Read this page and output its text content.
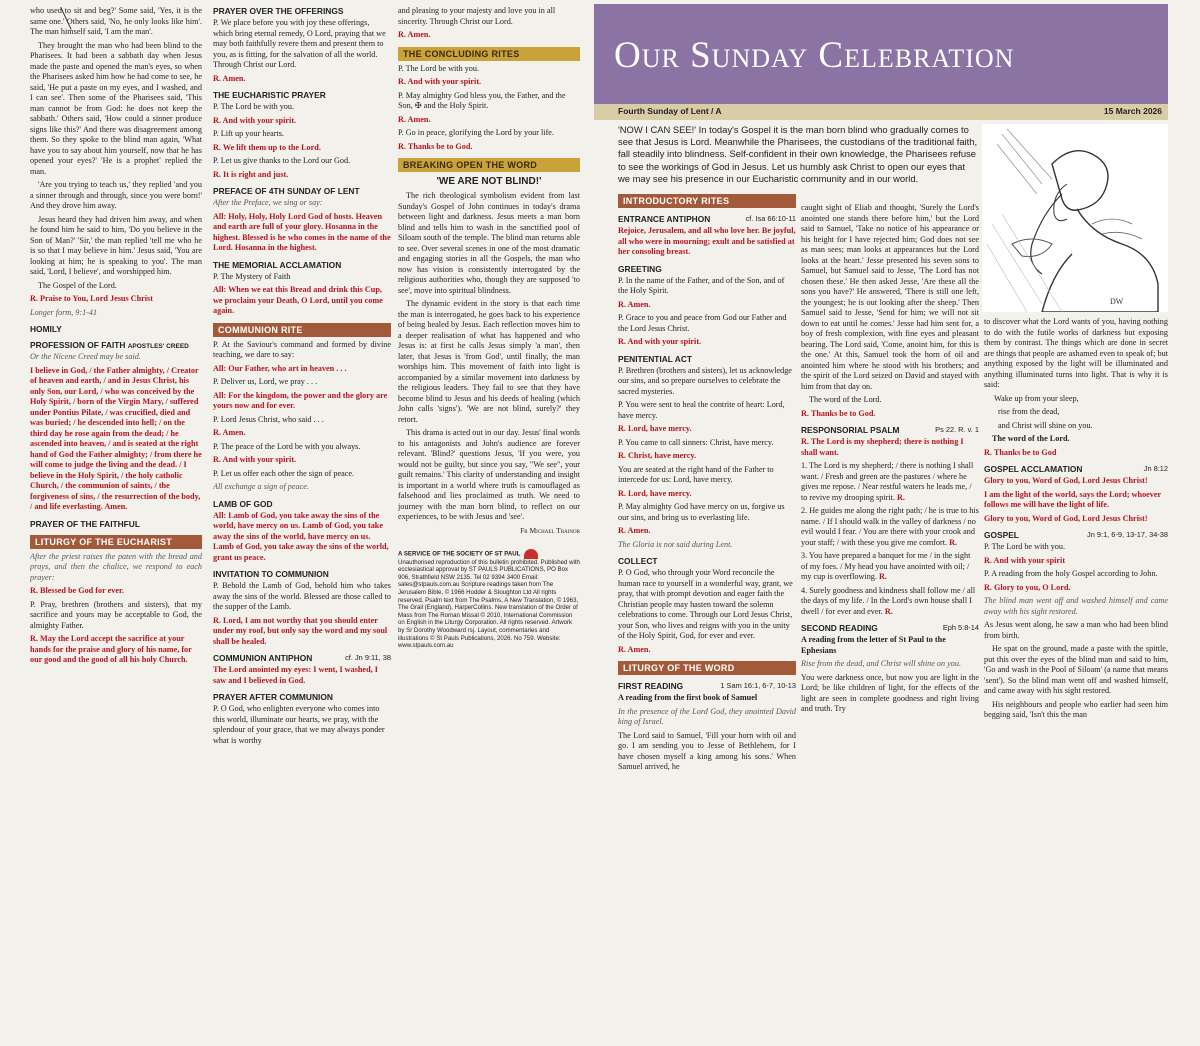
who used to sit and beg?' Some said, 'Yes, it is the same one.' Others said, 'No, he only looks like him'. The man himself said, 'I am the man'.

They brought the man who had been blind to the Pharisees. It had been a sabbath day when Jesus made the paste and opened the man's eyes, so when the Pharisees asked him how he had come to see, he said, 'He put a paste on my eyes, and I washed, and I can see'. Then some of the Pharisees said, 'This man cannot be from God: he does not keep the sabbath.' Others said, 'How could a sinner produce signs like this?' And there was disagreement among them. So they spoke to the blind man again, 'What have you to say about him yourself, now that he has opened your eyes?' 'He is a prophet' replied the man.

'Are you trying to teach us,' they replied 'and you a sinner through and through, since you were born!' And they drove him away.

Jesus heard they had driven him away, and when he found him he said to him, 'Do you believe in the Son of Man?' 'Sir,' the man replied 'tell me who he is so that I may believe in him.' Jesus said, 'You are looking at him; he is speaking to you'. The man said, 'Lord, I believe', and worshipped him.

The Gospel of the Lord.

R. Praise to You, Lord Jesus Christ

Longer form, 9:1-41

HOMILY
PROFESSION OF FAITH APOSTLES' CREED

Or the Nicene Creed may be said.

I believe in God, / the Father almighty, / Creator of heaven and earth, / and in Jesus Christ, his only Son, our Lord, / who was conceived by the Holy Spirit, / born of the Virgin Mary, / suffered under Pontius Pilate, / was crucified, died and was buried; / he descended into hell; / on the third day he rose again from the dead; / he ascended into heaven, / and is seated at the right hand of God the Father almighty; / from there he will come to judge the living and the dead. / I believe in the Holy Spirit, / the holy catholic Church, / the communion of saints, / the forgiveness of sins, / the resurrection of the body, / and life everlasting. Amen.

PRAYER OF THE FAITHFUL
LITURGY OF THE EUCHARIST

After the priest raises the paten with the bread and prays, and then the chalice, we respond to each prayer:

R. Blessed be God for ever.

P. Pray, brethren (brothers and sisters), that my sacrifice and yours may be acceptable to God, the almighty Father.

R. May the Lord accept the sacrifice at your hands for the praise and glory of his name, for our good and the good of all his holy Church.

PRAYER OVER THE OFFERINGS

P. We place before you with joy these offerings, which bring eternal remedy, O Lord, praying that we may both faithfully revere them and present them to you, as is fitting, for the salvation of all the world. Through Christ our Lord.

R. Amen.

THE EUCHARISTIC PRAYER

P. The Lord be with you.

R. And with your spirit.

P. Lift up your hearts.

R. We lift them up to the Lord.

P. Let us give thanks to the Lord our God.

R. It is right and just.

PREFACE OF 4TH SUNDAY OF LENT

After the Preface, we sing or say:

All: Holy, Holy, Holy Lord God of hosts. Heaven and earth are full of your glory. Hosanna in the highest. Blessed is he who comes in the name of the Lord. Hosanna in the highest.

THE MEMORIAL ACCLAMATION

P. The Mystery of Faith

All: When we eat this Bread and drink this Cup, we proclaim your Death, O Lord, until you come again.

COMMUNION RITE

P. At the Saviour's command and formed by divine teaching, we dare to say:

All: Our Father, who art in heaven . . .

P. Deliver us, Lord, we pray . . .

All: For the kingdom, the power and the glory are yours now and for ever.

P. Lord Jesus Christ, who said . . .

R. Amen.

P. The peace of the Lord be with you always.

R. And with your spirit.

P. Let us offer each other the sign of peace.

All exchange a sign of peace.

LAMB OF GOD

All: Lamb of God, you take away the sins of the world, have mercy on us. Lamb of God, you take away the sins of the world, have mercy on us. Lamb of God, you take away the sins of the world, grant us peace.

INVITATION TO COMMUNION

P. Behold the Lamb of God, behold him who takes away the sins of the world. Blessed are those called to the supper of the Lamb.

R. Lord, I am not worthy that you should enter under my roof, but only say the word and my soul shall be healed.

COMMUNION ANTIPHON	cf. Jn 9:11, 38

The Lord anointed my eyes: I went, I washed, I saw and I believed in God.

PRAYER AFTER COMMUNION

P. O God, who enlighten everyone who comes into this world, illuminate our hearts, we pray, with the splendour of your grace, that we may always ponder what is worthy

and pleasing to your majesty and love you in all sincerity. Through Christ our Lord.

R. Amen.

THE CONCLUDING RITES

P. The Lord be with you.

R. And with your spirit.

P. May almighty God bless you, the Father, and the Son, ✠ and the Holy Spirit.

R. Amen.

P. Go in peace, glorifying the Lord by your life.

R. Thanks be to God.

BREAKING OPEN THE WORD
'WE ARE NOT BLIND!'

The rich theological symbolism evident from last Sunday's Gospel of John continues in today's drama between light and darkness. Jesus meets a man born blind and tells him to wash in the sanctified pool of Siloam south of the temple. The blind man returns able to see. Over several scenes in one of the most dramatic and engaging stories in all the Gospels, the man who now has vision is consistently interrogated by the religious authorities who, though they are supposed 'to see', move into spiritual blindness.

The dynamic evident in the story is that each time the man is interrogated, he goes back to his experience of being healed by Jesus. Each reflection moves him to a deeper realisation of what has happened and who Jesus is: at first he calls Jesus simply 'a man', then later, that Jesus is 'from God', until finally, the man worships him. This movement of faith into light is accompanied by a similar movement into darkness by the religious leaders. They fail to see that they have become blind to Jesus and his deeds of healing (which John calls 'signs'). 'We are not blind, surely?' they retort.

This drama is acted out in our day. Jesus' final words to his antagonists and John's audience are forever relevant. 'Blind?' questions Jesus, 'If you were, you would not be guilty, but since you say, "We see", your guilt remains.' This clarity of understanding and insight is important in a world where truth is camouflaged as falsehood and lies proclaimed as truth. We need to journey with the man born blind, to reflect on our experiences, to be with Jesus and 'see'.

Fr Michael Trainor
A SERVICE OF THE SOCIETY OF ST PAUL
Unauthorised reproduction of this bulletin prohibited. Published with ecclesiastical approval by ST PAULS PUBLICATIONS, PO Box 906, Strathfield NSW 2135. Tel 02 9394 3400 Email: sales@stpauls.com.au Scripture readings taken from The Jerusalem Bible, © 1966 Hodder & Stoughton Ltd All rights reserved. Psalm text from The Psalms, A New Translation, © 1963, The Grail (England), HarperCollins. New translation of the Order of Mass from The Roman Missal © 2010, International Commission on English in the Liturgy Corporation. All rights reserved. Artwork by Sr Dorothy Woodward rsj. Layout, commentaries and illustrations © St Pauls Publications, 2026. No 759. Website: www.stpauls.com.au
Our Sunday Celebration
Fourth Sunday of Lent / A	15 March 2026
'NOW I CAN SEE!' In today's Gospel it is the man born blind who gradually comes to see that Jesus is Lord. Meanwhile the Pharisees, the custodians of the traditional faith, fall steadily into blindness. Self-confident in their own knowledge, the Pharisees refuse to see the workings of God in Jesus. Let us humbly ask Christ to open our eyes that we may see his presence in our Eucharistic community and in our world.
DW
INTRODUCTORY RITES
ENTRANCE ANTIPHON	cf. Isa 66:10-11

Rejoice, Jerusalem, and all who love her. Be joyful, all who were in mourning; exult and be satisfied at her consoling breast.

GREETING

P. In the name of the Father, and of the Son, and of the Holy Spirit.

R. Amen.

P. Grace to you and peace from God our Father and the Lord Jesus Christ.

R. And with your spirit.

PENITENTIAL ACT

P. Brethren (brothers and sisters), let us acknowledge our sins, and so prepare ourselves to celebrate the sacred mysteries.

P. You were sent to heal the contrite of heart: Lord, have mercy.

R. Lord, have mercy.

P. You came to call sinners: Christ, have mercy.

R. Christ, have mercy.

You are seated at the right hand of the Father to intercede for us: Lord, have mercy.

R. Lord, have mercy.

P. May almighty God have mercy on us, forgive us our sins, and bring us to everlasting life.

R. Amen.

The Gloria is not said during Lent.

COLLECT

P. O God, who through your Word reconcile the human race to yourself in a wonderful way, grant, we pray, that with prompt devotion and eager faith the Christian people may hasten toward the solemn celebrations to come. Through our Lord Jesus Christ, your Son, who lives and reigns with you in the unity of the Holy Spirit, God, for ever and ever.

R. Amen.

LITURGY OF THE WORD
FIRST READING	1 Sam 16:1, 6-7, 10-13

A reading from the first book of Samuel

In the presence of the Lord God, they anointed David king of Israel.

The Lord said to Samuel, 'Fill your horn with oil and go. I am sending you to Jesse of Bethlehem, for I have chosen myself a king among his sons.' When Samuel arrived, he

caught sight of Eliab and thought, 'Surely the Lord's anointed one stands there before him,' but the Lord said to Samuel, 'Take no notice of his appearance or his height for I have rejected him; God does not see as man sees; man looks at appearances but the Lord looks at the heart.' Jesse presented his seven sons to Samuel, but Samuel said to Jesse, 'The Lord has not chosen these.' He then asked Jesse, 'Are these all the sons you have?' He answered, 'There is still one left, the youngest; he is out looking after the sheep.' Then Samuel said to Jesse, 'Send for him; we will not sit down to eat until he comes.' Jesse had him sent for, a boy of fresh complexion, with fine eyes and pleasant bearing. The Lord said, 'Come, anoint him, for this is the one.' At this, Samuel took the horn of oil and anointed him where he stood with his brothers; and the spirit of the Lord seized on David and stayed with him from that day on.

The word of the Lord.

R. Thanks be to God.

RESPONSORIAL PSALM	Ps 22. R. v. 1

R. The Lord is my shepherd; there is nothing I shall want.

1. The Lord is my shepherd; / there is nothing I shall want. / Fresh and green are the pastures / where he gives me repose. / Near restful waters he leads me, / to revive my drooping spirit. R.

2. He guides me along the right path; / he is true to his name. / If I should walk in the valley of darkness / no evil would I fear. / You are there with your crook and your staff; / with these you give me comfort. R.

3. You have prepared a banquet for me / in the sight of my foes. / My head you have anointed with oil; / my cup is overflowing. R.

4. Surely goodness and kindness shall follow me / all the days of my life. / In the Lord's own house shall I dwell / for ever and ever. R.

SECOND READING	Eph 5:8-14

A reading from the letter of St Paul to the Ephesians

Rise from the dead, and Christ will shine on you.

You were darkness once, but now you are light in the Lord; be like children of light, for the effects of the light are seen in complete goodness and right living and truth. Try

to discover what the Lord wants of you, having nothing to do with the futile works of darkness but exposing them by contrast. The things which are done in secret are things that people are ashamed even to speak of; but anything exposed by the light will be illuminated and anything illuminated turns into light. That is why it is said:

Wake up from your sleep,

rise from the dead,

and Christ will shine on you.

The word of the Lord.

R. Thanks be to God

GOSPEL ACCLAMATION	Jn 8:12

Glory to you, Word of God, Lord Jesus Christ!

I am the light of the world, says the Lord; whoever follows me will have the light of life.

Glory to you, Word of God, Lord Jesus Christ!

GOSPEL	Jn 9:1, 6-9, 13-17, 34-38

P. The Lord be with you.

R. And with your spirit

P. A reading from the holy Gospel according to John.

R. Glory to you, O Lord.

The blind man went off and washed himself and came away with his sight restored.

As Jesus went along, he saw a man who had been blind from birth.

He spat on the ground, made a paste with the spittle, put this over the eyes of the blind man and said to him, 'Go and wash in the Pool of Siloam' (a name that means 'sent'). So the blind man went off and washed himself, and came away with his sight restored.

His neighbours and people who earlier had seen him begging said, 'Isn't this the man
